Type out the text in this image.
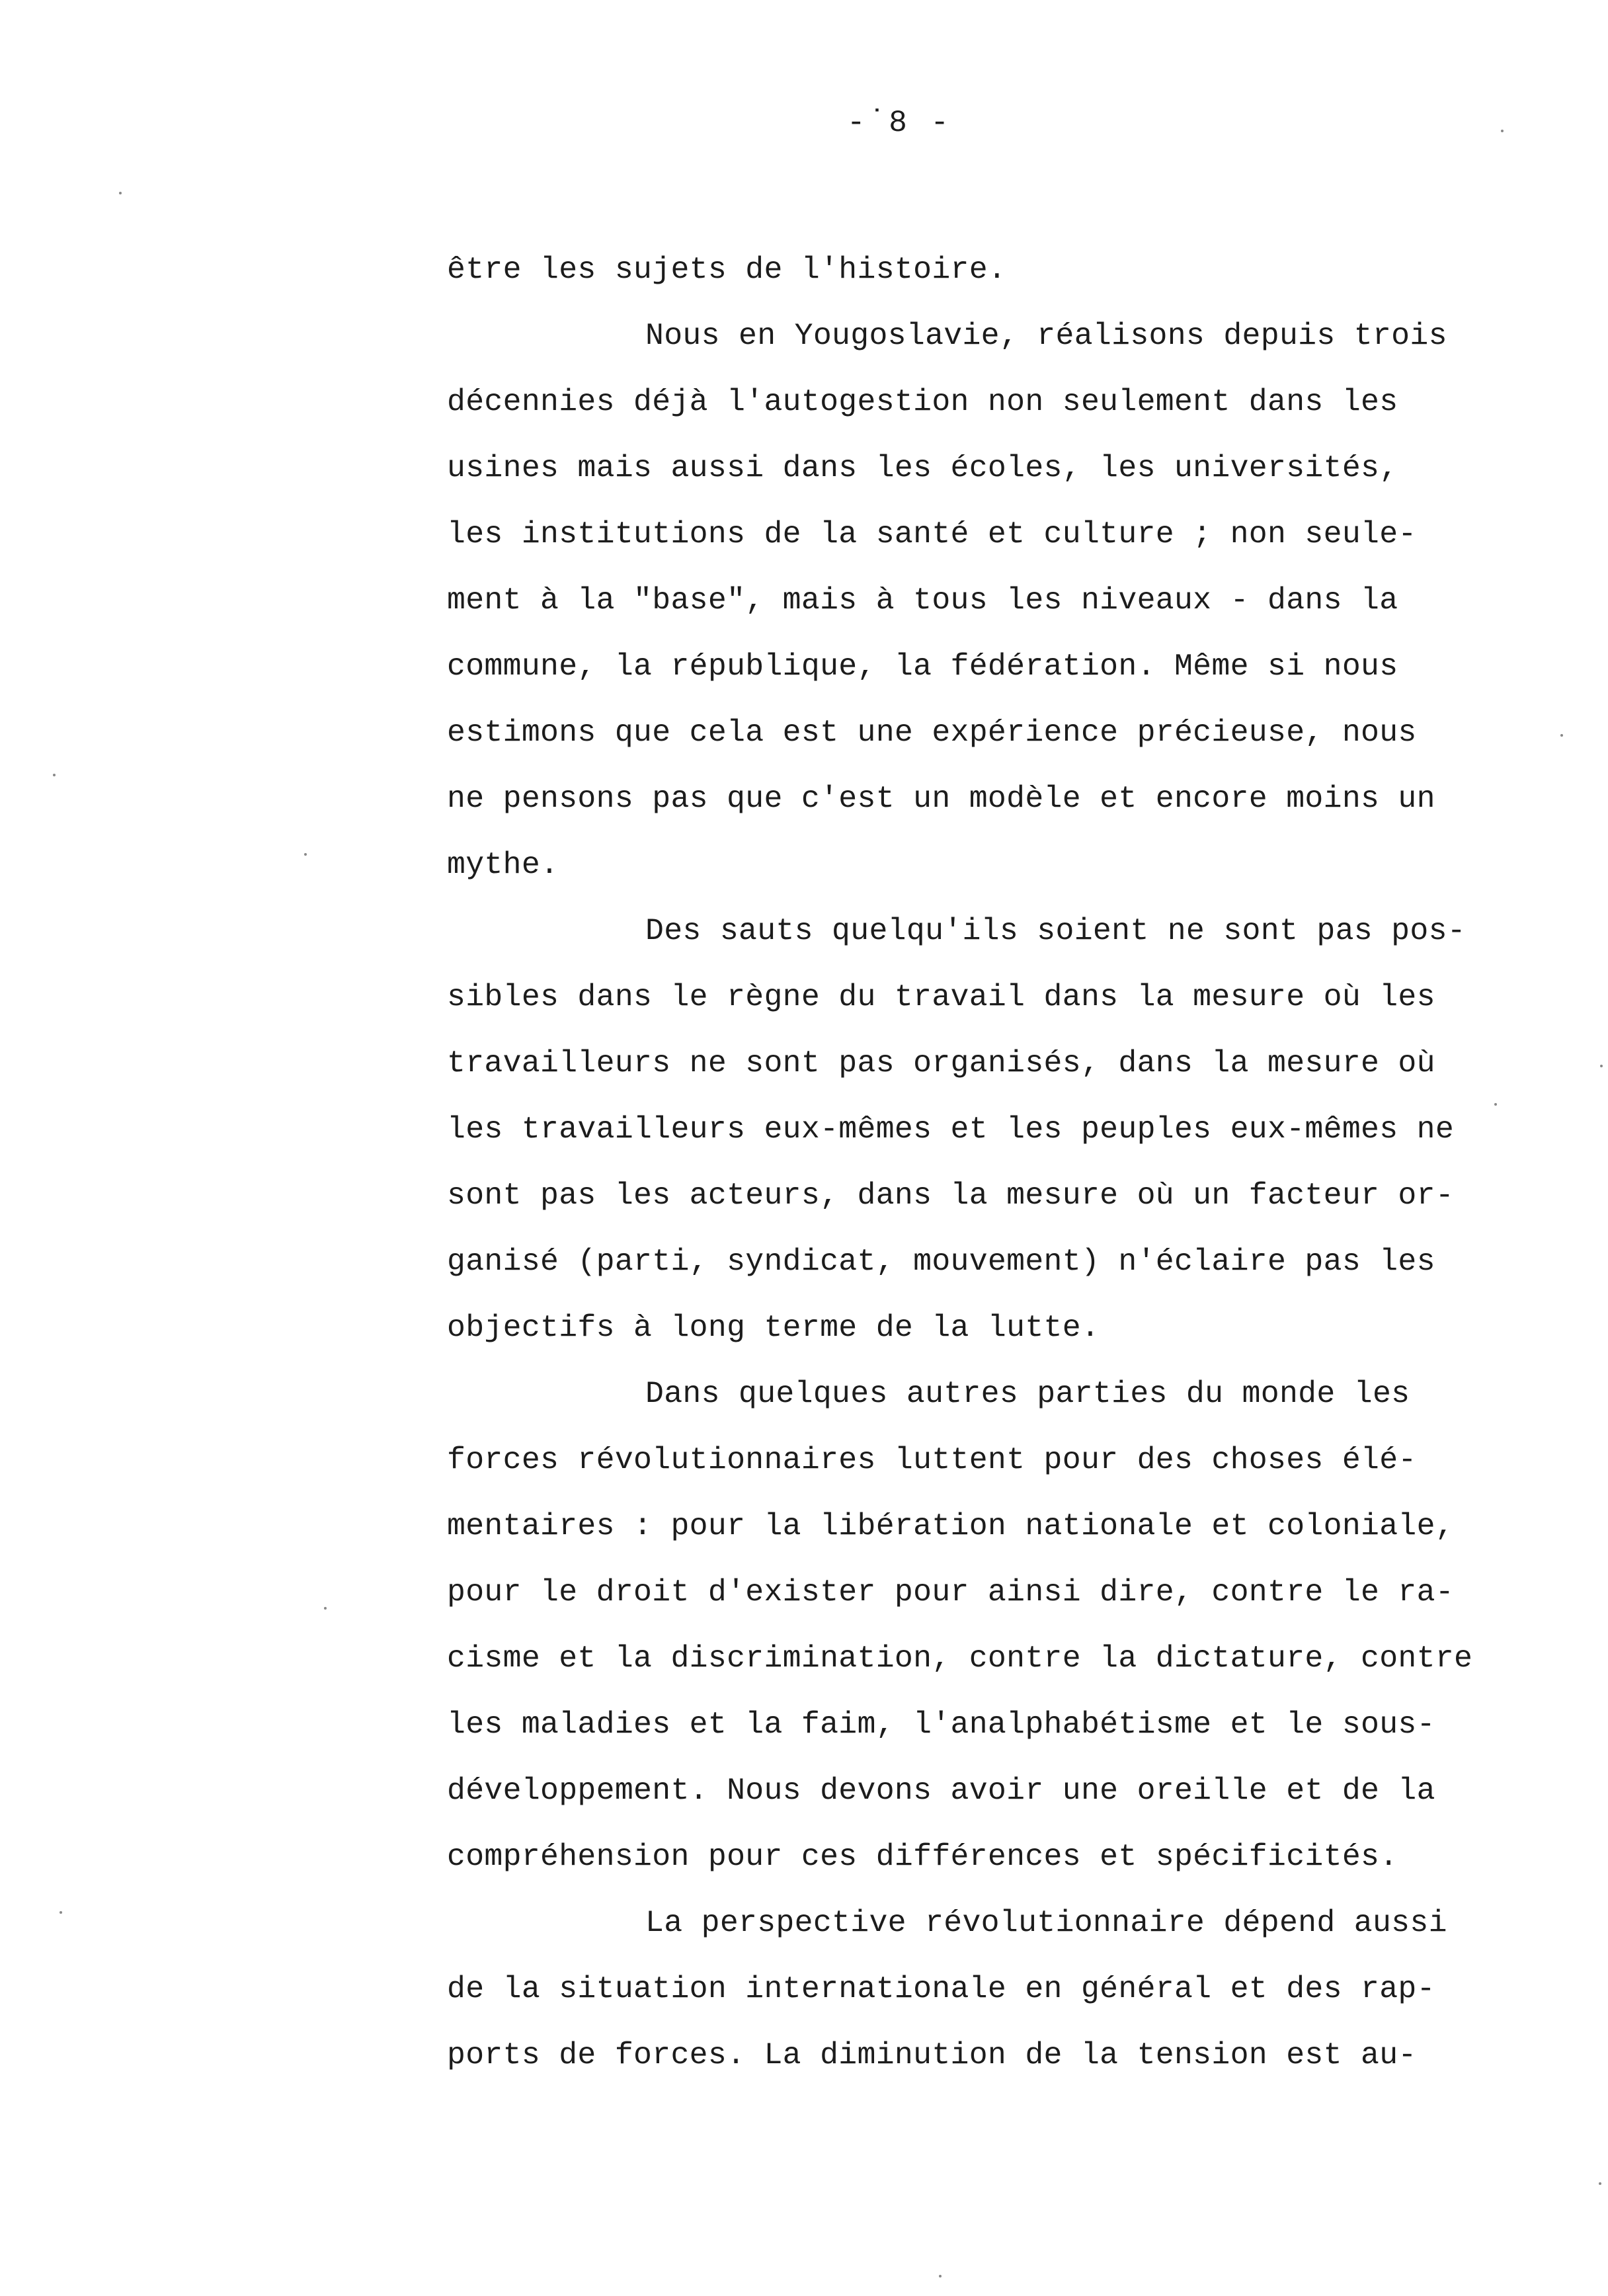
-˙8 -
être les sujets de l'histoire.
Nous en Yougoslavie, réalisons depuis trois
décennies déjà l'autogestion non seulement dans les
usines mais aussi dans les écoles, les universités,
les institutions de la santé et culture ; non seule-
ment à la "base", mais à tous les niveaux - dans la
commune, la république, la fédération. Même si nous
estimons que cela est une expérience précieuse, nous
ne pensons pas que c'est un modèle et encore moins un
mythe.
Des sauts quelqu'ils soient ne sont pas pos-
sibles dans le règne du travail dans la mesure où les
travailleurs ne sont pas organisés, dans la mesure où
les travailleurs eux-mêmes et les peuples eux-mêmes ne
sont pas les acteurs, dans la mesure où un facteur or-
ganisé (parti, syndicat, mouvement) n'éclaire pas les
objectifs à long terme de la lutte.
Dans quelques autres parties du monde les
forces révolutionnaires luttent pour des choses élé-
mentaires : pour la libération nationale et coloniale,
pour le droit d'exister pour ainsi dire, contre le ra-
cisme et la discrimination, contre la dictature, contre
les maladies et la faim, l'analphabétisme et le sous-
développement. Nous devons avoir une oreille et de la
compréhension pour ces différences et spécificités.
La perspective révolutionnaire dépend aussi
de la situation internationale en général et des rap-
ports de forces. La diminution de la tension est au-
